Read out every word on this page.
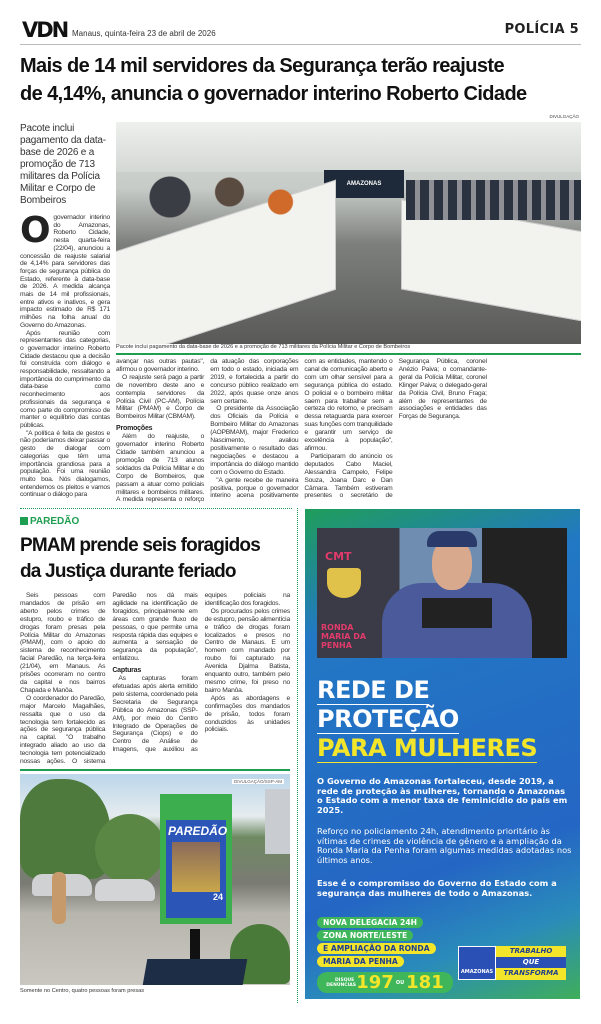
VDN Manaus, quinta-feira 23 de abril de 2026	POLÍCIA 5
Mais de 14 mil servidores da Segurança terão reajuste
de 4,14%, anuncia o governador interino Roberto Cidade
DIVULGAÇÃO
Pacote inclui pagamento da data-base de 2026 e a promoção de 713 militares da Polícia Militar e Corpo de Bombeiros
AMAZONAS
Pacote inclui pagamento da data-base de 2026 e a promoção de 713 militares da Polícia Militar e Corpo de Bombeiros
O governador interino do Amazonas, Roberto Cidade, nesta quarta-feira (22/04), anunciou a concessão de reajuste salarial de 4,14% para servidores das forças de segurança pública do Estado, referente à data-base de 2026. A medida alcança mais de 14 mil profissionais, entre ativos e inativos, e gera impacto estimado de R$ 171 milhões na folha anual do Governo do Amazonas.

Após reunião com representantes das categorias, o governador interino Roberto Cidade destacou que a decisão foi construída com diálogo e responsabilidade, ressaltando a importância do cumprimento da data-base como reconhecimento aos profissionais da segurança e como parte do compromisso de manter o equilíbrio das contas públicas.

"A política é feita de gestos e não poderíamos deixar passar o gesto de dialogar com categorias que têm uma importância grandiosa para a população. Foi uma reunião muito boa. Nós dialogamos, entendemos os pleitos e vamos continuar o diálogo para

avançar nas outras pautas", afirmou o governador interino.

O reajuste será pago a partir de novembro deste ano e contempla servidores da Polícia Civil (PC-AM), Polícia Militar (PMAM) e Corpo de Bombeiros Militar (CBMAM).

Promoções

Além do reajuste, o governador interino Roberto Cidade também anunciou a promoção de 713 alunos soldados da Polícia Militar e do Corpo de Bombeiros, que passam a atuar como policiais militares e bombeiros militares. A medida representa o reforço da atuação das corporações em todo o estado, iniciada em 2019, e fortalecida a partir do concurso público realizado em 2022, após quase onze anos sem certame.

O presidente da Associação dos Oficiais da Polícia e Bombeiro Militar do Amazonas (AOPBMAM), major Frederico Nascimento, avaliou positivamente o resultado das negociações e destacou a importância do diálogo mantido com o Governo do Estado.

"A gente recebe de maneira positiva, porque o governador interino acena positivamente com as entidades, mantendo o canal de comunicação aberto e com um olhar sensível para a segurança pública do estado. O policial e o bombeiro militar saem para trabalhar sem a certeza do retorno, e precisam dessa retaguarda para exercer suas funções com tranquilidade e garantir um serviço de excelência à população", afirmou.

Participaram do anúncio os deputados Cabo Maciel, Alessandra Campelo, Felipe Souza, Joana Darc e Dan Câmara. Também estiveram presentes o secretário de Segurança Pública, coronel Anézio Paiva; o comandante-geral da Polícia Militar, coronel Klinger Paiva; o delegado-geral da Polícia Civil, Bruno Fraga; além de representantes de associações e entidades das Forças de Segurança.

PAREDÃO
PMAM prende seis foragidos
da Justiça durante feriado

Seis pessoas com mandados de prisão em aberto pelos crimes de estupro, roubo e tráfico de drogas foram presas pela Polícia Militar do Amazonas (PMAM), com o apoio do sistema de reconhecimento facial Paredão, na terça-feira (21/04), em Manaus. As prisões ocorreram no centro da capital e nos bairros Chapada e Manôa.

O coordenador do Paredão, major Marcelo Magalhães, ressalta que o uso da tecnologia tem fortalecido as ações de segurança pública na capital. "O trabalho integrado aliado ao uso da tecnologia tem potencializado nossas ações. O sistema Paredão nos dá mais agilidade na identificação de foragidos, principalmente em áreas com grande fluxo de pessoas, o que permite uma resposta rápida das equipes e aumenta a sensação de segurança da população", enfatizou.

Capturas

As capturas foram efetuadas após alerta emitido pelo sistema, coordenado pela Secretaria de Segurança Pública do Amazonas (SSP-AM), por meio do Centro Integrado de Operações de Segurança (Ciops) e do Centro de Análise de Imagens, que auxiliou as equipes policiais na identificação dos foragidos.

Os procurados pelos crimes de estupro, pensão alimentícia e tráfico de drogas foram localizados e presos no Centro de Manaus. E um homem com mandado por roubo foi capturado na Avenida Djalma Batista, enquanto outro, também pelo mesmo crime, foi preso no bairro Manôa.

Após as abordagens e confirmações dos mandados de prisão, todos foram conduzidos às unidades policiais.

PAREDÃO
24
DIVULGAÇÃO/SSP-AM
Somente no Centro, quatro pessoas foram presas
CMT
RONDA MARIA DA PENHA
REDE DE
PROTEÇÃO
PARA MULHERES
O Governo do Amazonas fortaleceu, desde 2019, a rede de proteção às mulheres, tornando o Amazonas o Estado com a menor taxa de feminicídio do país em 2025.
Reforço no policiamento 24h, atendimento prioritário às vítimas de crimes de violência de gênero e a ampliação da Ronda Maria da Penha foram algumas medidas adotadas nos últimos anos.
Esse é o compromisso do Governo do Estado com a segurança das mulheres de todo o Amazonas.
NOVA DELEGACIA 24H
ZONA NORTE/LESTE
E AMPLIAÇÃO DA RONDA
MARIA DA PENHA
DISQUE DENÚNCIAS 197 OU 181	AMAZONAS
TRABALHO
QUE
TRANSFORMA
